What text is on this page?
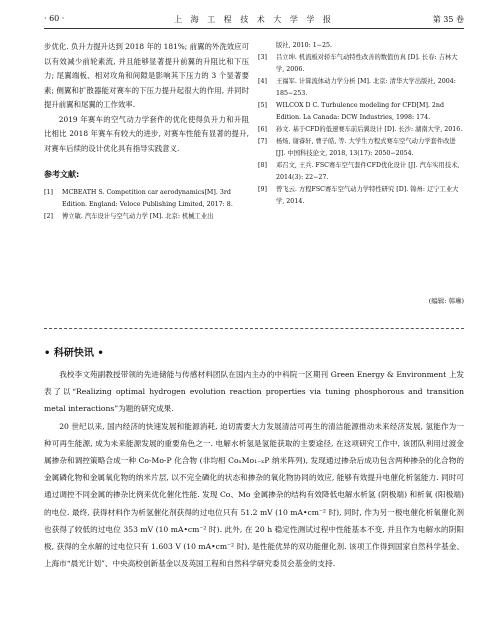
· 60 ·	上 海 工 程 技 术 大 学 学 报	第 35 卷

步优化. 负升力提升达到 2018 年的 181%; 前翼的外洗效应可以有效减少前轮素流, 并且能够显著提升前翼的升阻比和下压力; 尾翼端板、相对攻角和间隙是影响其下压力的 3 个显著要素; 侧翼和扩散器能对赛车的下压力提升起很大的作用, 并同时提升前翼和尾翼的工作效率.

2019 年赛车的空气动力学套件的优化使得负升力和升阻比相比 2018 年赛车有较大的进步, 对赛车性能有显著的提升, 对赛车后续的设计优化具有指导实践意义.

参考文献:
[1]	MCBEATH S. Competition car aerodynamics[M]. 3rd Edition. England: Veloce Publishing Limited, 2017: 8.
[2]	傅立敏. 汽车设计与空气动力学 [M]. 北京: 机械工业出
版社, 2010: 1−25.
[3]	吕立坤. 机流板对轿车气动特性改善的数值仿真 [D]. 长春: 吉林大学, 2006.
[4]	王福军. 计算流体动力学分析 [M]. 北京: 清华大学出版社, 2004: 185−253.
[5]	WILCOX D C. Turbulence modeling for CFD[M]. 2nd Edition. La Canada: DCW Industries, 1998: 174.
[6]	孙文. 基于CFD的低速赛车前后翼设计 [D]. 长沙: 湖南大学, 2016.
[7]	杨炀, 谢睿轩, 曹子皓, 等. 大学生方程式赛车空气动力学套件改进 [J]. 中国科技论文, 2018, 13(17): 2050−2054.
[8]	邓召文, 王兵. FSC赛车空气套件CFD优化设计 [J]. 汽车实用技术, 2014(3): 22−27.
[9]	曾飞云. 方程FSC赛车空气动力学特性研究 [D]. 锦州: 辽宁工业大学, 2014.
(编辑: 韩琳)
• 科研快讯 •

我校李文苑副教授带领的先进储能与传感材料团队在国内主办的中科院一区期刊 Green Energy & Environment 上发表了以“Realizing optimal hydrogen evolution reaction properties via tuning phosphorous and transition metal interactions”为题的研究成果.

20 世纪以来, 国内经济的快速发展和能源消耗, 迫切需要大力发展清洁可再生的清洁能源推动未来经济发展, 氢能作为一种可再生能源, 成为未来能源发展的重要角色之一. 电解水析氢是氢能获取的主要途径, 在这项研究工作中, 该团队利用过渡金属掺杂和调控策略合成一种 Co-Mo-P 化合物 (非均相 CoₓMo₁₋ₓP 纳米阵列), 发现通过掺杂后成功包含两种掺杂的化合物的金属磷化物和金属氧化物的纳米片层, 以不完全磷化的状态和掺杂的氧化物协同的效应, 能够有效提升电催化析氢能力. 同时可通过调控不同金属的掺杂比例来优化催化性能. 发现 Co、Mo 金属掺杂的结构有效降低电解水析氢 (阴极端) 和析氧 (阳极端) 的电位. 最终, 获得材料作为析氢催化剂获得的过电位只有 51.2 mV (10 mA•cm⁻² 时), 同时, 作为另一极电催化析氧催化剂也获得了较低的过电位 353 mV (10 mA•cm⁻² 时). 此外, 在 20 h 稳定性测试过程中性能基本不变, 并且作为电解水的阴阳极, 获得的全水解的过电位只有 1.603 V (10 mA•cm⁻² 时), 是性能优异的双功能催化剂. 该项工作得到国家自然科学基金、上海市“晨光计划”、中央高校创新基金以及英国工程和自然科学研究委员会基金的支持.
